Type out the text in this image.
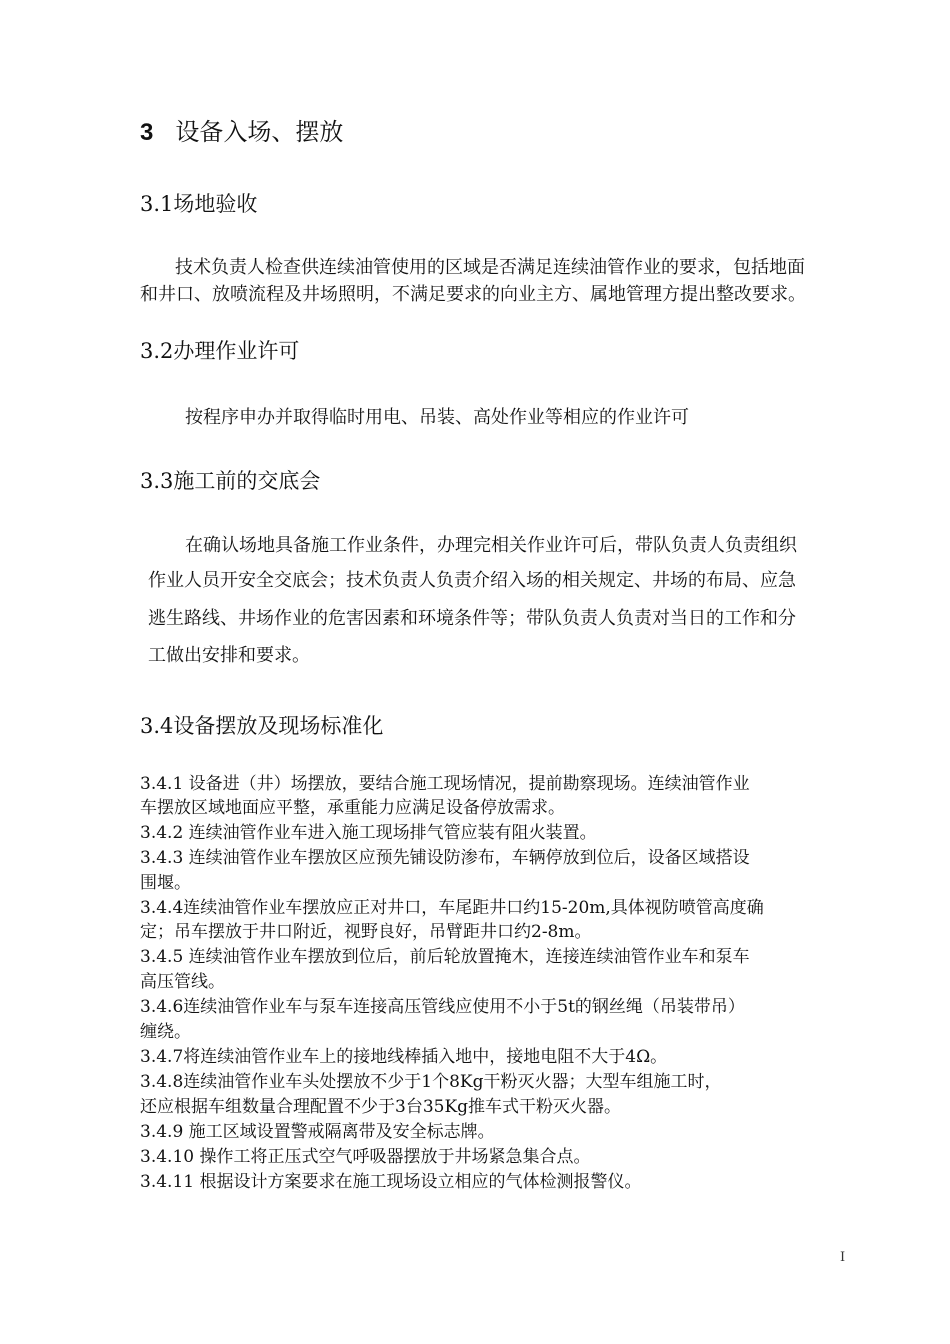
3 设备入场、摆放
3.1场地验收
技术负责人检查供连续油管使用的区域是否满足连续油管作业的要求，包括地面
和井口、放喷流程及井场照明，不满足要求的向业主方、属地管理方提出整改要求。
3.2办理作业许可
按程序申办并取得临时用电、吊装、高处作业等相应的作业许可
3.3施工前的交底会
在确认场地具备施工作业条件，办理完相关作业许可后，带队负责人负责组织
作业人员开安全交底会；技术负责人负责介绍入场的相关规定、井场的布局、应急
逃生路线、井场作业的危害因素和环境条件等；带队负责人负责对当日的工作和分
工做出安排和要求。
3.4设备摆放及现场标准化
3.4.1 设备进（井）场摆放，要结合施工现场情况，提前勘察现场。连续油管作业
车摆放区域地面应平整，承重能力应满足设备停放需求。
3.4.2 连续油管作业车进入施工现场排气管应装有阻火装置。
3.4.3 连续油管作业车摆放区应预先铺设防渗布，车辆停放到位后，设备区域搭设
围堰。
3.4.4连续油管作业车摆放应正对井口，车尾距井口约15-20m,具体视防喷管高度确
定；吊车摆放于井口附近，视野良好，吊臂距井口约2-8m。
3.4.5 连续油管作业车摆放到位后，前后轮放置掩木，连接连续油管作业车和泵车
高压管线。
3.4.6连续油管作业车与泵车连接高压管线应使用不小于5t的钢丝绳（吊装带吊）
缠绕。
3.4.7将连续油管作业车上的接地线棒插入地中，接地电阻不大于4Ω。
3.4.8连续油管作业车头处摆放不少于1个8Kg干粉灭火器；大型车组施工时，
还应根据车组数量合理配置不少于3台35Kg推车式干粉灭火器。
3.4.9 施工区域设置警戒隔离带及安全标志牌。
3.4.10 操作工将正压式空气呼吸器摆放于井场紧急集合点。
3.4.11 根据设计方案要求在施工现场设立相应的气体检测报警仪。
I
